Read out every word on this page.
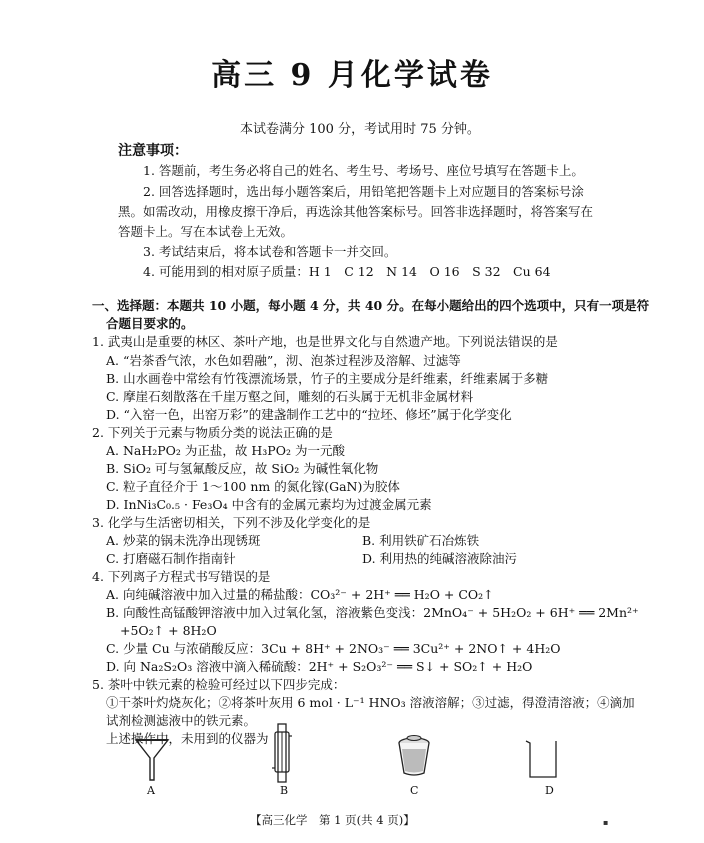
高三 9 月化学试卷
本试卷满分 100 分，考试用时 75 分钟。
注意事项：
1. 答题前，考生务必将自己的姓名、考生号、考场号、座位号填写在答题卡上。
2. 回答选择题时，选出每小题答案后，用铅笔把答题卡上对应题目的答案标号涂
黑。如需改动，用橡皮擦干净后，再选涂其他答案标号。回答非选择题时，将答案写在
答题卡上。写在本试卷上无效。
3. 考试结束后，将本试卷和答题卡一并交回。
4. 可能用到的相对原子质量：H 1　C 12　N 14　O 16　S 32　Cu 64
一、选择题：本题共 10 小题，每小题 4 分，共 40 分。在每小题给出的四个选项中，只有一项是符
合题目要求的。
1. 武夷山是重要的林区、茶叶产地，也是世界文化与自然遗产地。下列说法错误的是
A. “岩茶香气浓，水色如碧融”，沏、泡茶过程涉及溶解、过滤等
B. 山水画卷中常绘有竹筏漂流场景，竹子的主要成分是纤维素，纤维素属于多糖
C. 摩崖石刻散落在千崖万壑之间，雕刻的石头属于无机非金属材料
D. “入窑一色，出窑万彩”的建盏制作工艺中的“拉坯、修坯”属于化学变化
2. 下列关于元素与物质分类的说法正确的是
A. NaH₂PO₂ 为正盐，故 H₃PO₂ 为一元酸
B. SiO₂ 可与氢氟酸反应，故 SiO₂ 为碱性氧化物
C. 粒子直径介于 1～100 nm 的氮化镓(GaN)为胶体
D. InNi₃C₀.₅ · Fe₃O₄ 中含有的金属元素均为过渡金属元素
3. 化学与生活密切相关，下列不涉及化学变化的是
A. 炒菜的锅未洗净出现锈斑	B. 利用铁矿石冶炼铁
C. 打磨磁石制作指南针	D. 利用热的纯碱溶液除油污
4. 下列离子方程式书写错误的是
A. 向纯碱溶液中加入过量的稀盐酸：CO₃²⁻ + 2H⁺ ══ H₂O + CO₂↑
B. 向酸性高锰酸钾溶液中加入过氧化氢，溶液紫色变浅：2MnO₄⁻ + 5H₂O₂ + 6H⁺ ══ 2Mn²⁺
+5O₂↑ + 8H₂O
C. 少量 Cu 与浓硝酸反应：3Cu + 8H⁺ + 2NO₃⁻ ══ 3Cu²⁺ + 2NO↑ + 4H₂O
D. 向 Na₂S₂O₃ 溶液中滴入稀硫酸：2H⁺ + S₂O₃²⁻ ══ S↓ + SO₂↑ + H₂O
5. 茶叶中铁元素的检验可经过以下四步完成：
①干茶叶灼烧灰化；②将茶叶灰用 6 mol · L⁻¹ HNO₃ 溶液溶解；③过滤，得澄清溶液；④滴加
试剂检测滤液中的铁元素。
上述操作中，未用到的仪器为
A	B	C	D
【高三化学　第 1 页(共 4 页)】	▪
